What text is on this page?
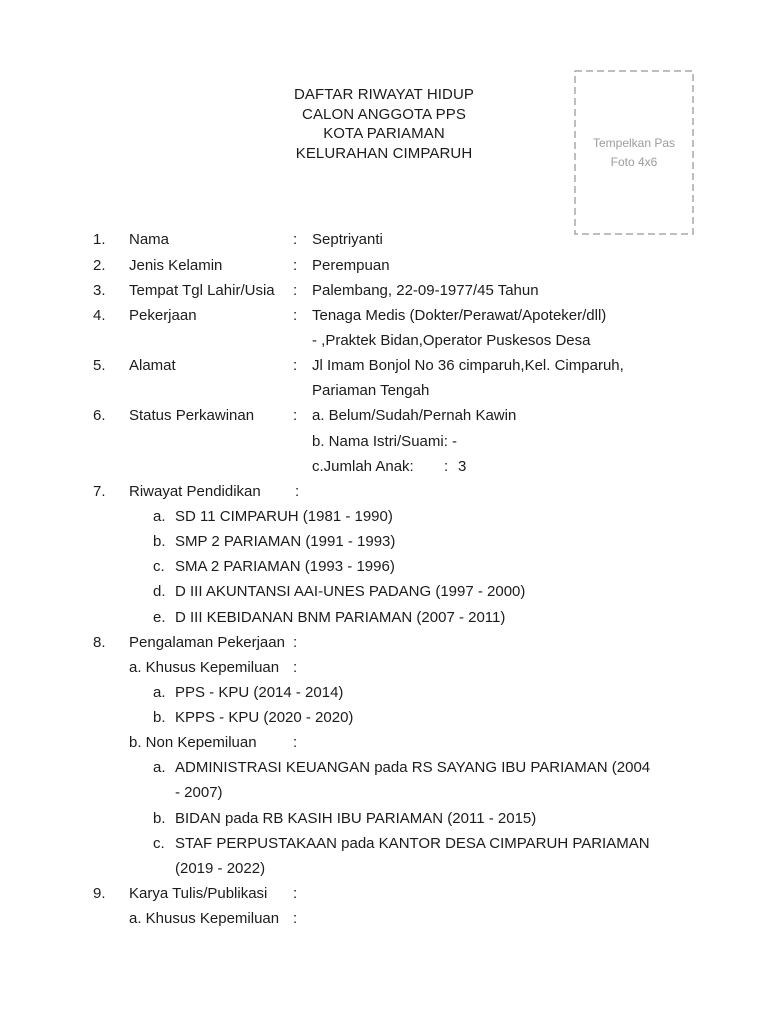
DAFTAR RIWAYAT HIDUP
CALON ANGGOTA PPS
KOTA PARIAMAN
KELURAHAN CIMPARUH
Tempelkan Pas
Foto 4x6
1. Nama	: Septriyanti
2. Jenis Kelamin	: Perempuan
3. Tempat Tgl Lahir/Usia : Palembang, 22-09-1977/45 Tahun
4. Pekerjaan	: Tenaga Medis (Dokter/Perawat/Apoteker/dll)
- ,Praktek Bidan,Operator Puskesos Desa
5. Alamat	: Jl Imam Bonjol No 36 cimparuh,Kel. Cimparuh,
Pariaman Tengah
6. Status Perkawinan	: a. Belum/Sudah/Pernah Kawin
b. Nama Istri/Suami: -
c.Jumlah Anak: : 3
7. Riwayat Pendidikan :
a. SD 11 CIMPARUH (1981 - 1990)
b. SMP 2 PARIAMAN (1991 - 1993)
c. SMA 2 PARIAMAN (1993 - 1996)
d. D III AKUNTANSI AAI-UNES PADANG (1997 - 2000)
e. D III KEBIDANAN BNM PARIAMAN (2007 - 2011)
8. Pengalaman Pekerjaan :
a. Khusus Kepemiluan :
a. PPS - KPU (2014 - 2014)
b. KPPS - KPU (2020 - 2020)
b. Non Kepemiluan :
a. ADMINISTRASI KEUANGAN pada RS SAYANG IBU PARIAMAN (2004
- 2007)
b. BIDAN pada RB KASIH IBU PARIAMAN (2011 - 2015)
c. STAF PERPUSTAKAAN pada KANTOR DESA CIMPARUH PARIAMAN
(2019 - 2022)
9. Karya Tulis/Publikasi :
a. Khusus Kepemiluan :
